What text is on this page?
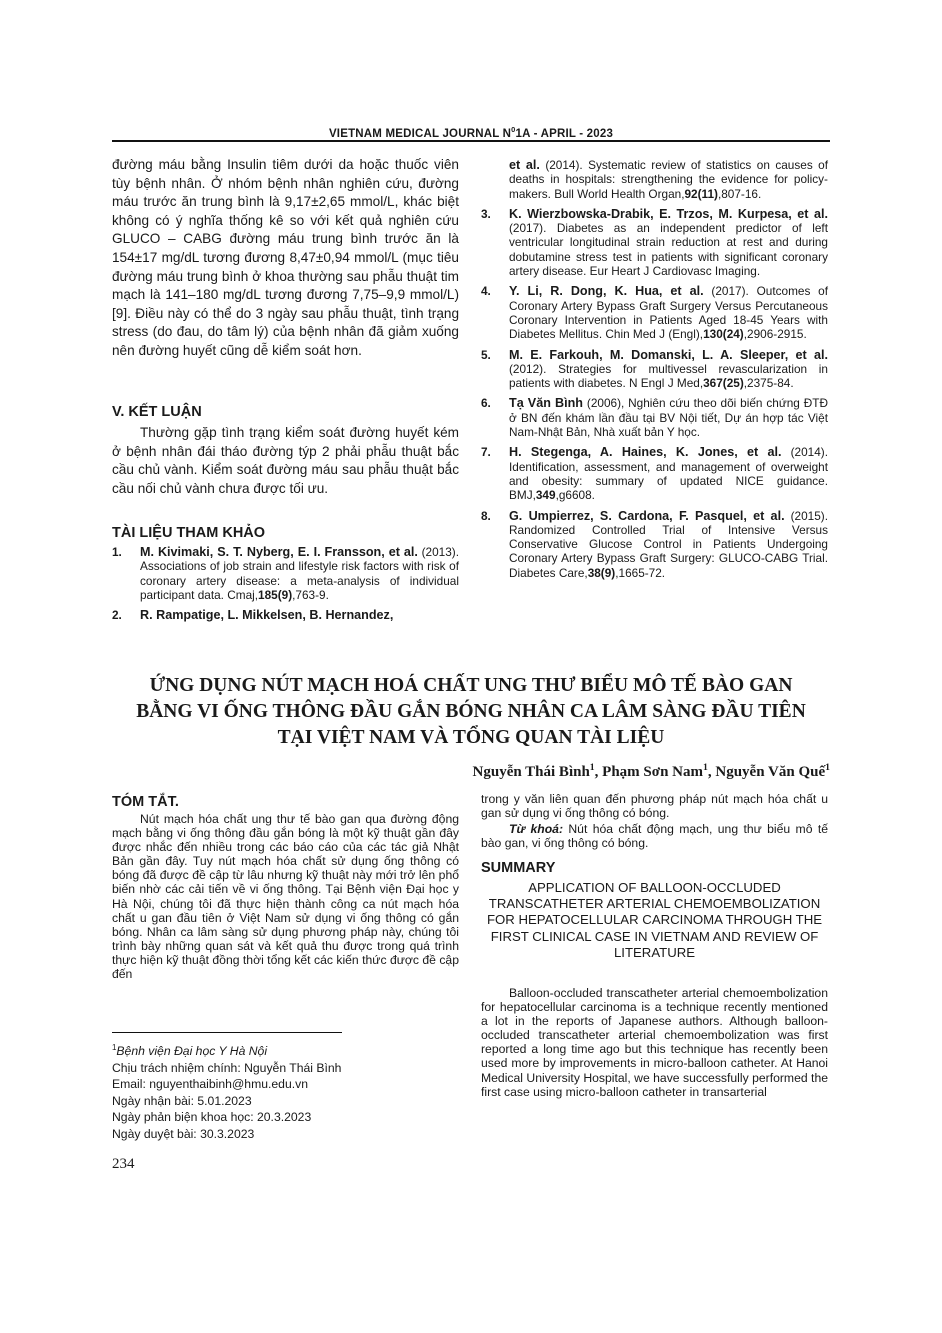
VIETNAM MEDICAL JOURNAL $N^01A$ - APRIL - 2023
đường máu bằng Insulin tiêm dưới da hoặc thuốc viên tùy bệnh nhân. Ở nhóm bệnh nhân nghiên cứu, đường máu trước ăn trung bình là 9,17±2,65 mmol/L, khác biệt không có ý nghĩa thống kê so với kết quả nghiên cứu GLUCO – CABG đường máu trung bình trước ăn là 154±17 mg/dL tương đương 8,47±0,94 mmol/L (mục tiêu đường máu trung bình ở khoa thường sau phẫu thuật tim mạch là 141–180 mg/dL tương đương 7,75–9,9 mmol/L) [9]. Điều này có thể do 3 ngày sau phẫu thuật, tình trạng stress (do đau, do tâm lý) của bệnh nhân đã giảm xuống nên đường huyết cũng dễ kiểm soát hơn.
V. KẾT LUẬN
Thường gặp tình trạng kiểm soát đường huyết kém ở bệnh nhân đái tháo đường týp 2 phải phẫu thuật bắc cầu chủ vành. Kiểm soát đường máu sau phẫu thuật bắc cầu nối chủ vành chưa được tối ưu.
TÀI LIỆU THAM KHẢO
1. M. Kivimaki, S. T. Nyberg, E. I. Fransson, et al. (2013). Associations of job strain and lifestyle risk factors with risk of coronary artery disease: a meta-analysis of individual participant data. Cmaj,185(9),763-9.
2. R. Rampatige, L. Mikkelsen, B. Hernandez,
et al. (2014). Systematic review of statistics on causes of deaths in hospitals: strengthening the evidence for policy-makers. Bull World Health Organ,92(11),807-16.
3. K. Wierzbowska-Drabik, E. Trzos, M. Kurpesa, et al. (2017). Diabetes as an independent predictor of left ventricular longitudinal strain reduction at rest and during dobutamine stress test in patients with significant coronary artery disease. Eur Heart J Cardiovasc Imaging.
4. Y. Li, R. Dong, K. Hua, et al. (2017). Outcomes of Coronary Artery Bypass Graft Surgery Versus Percutaneous Coronary Intervention in Patients Aged 18-45 Years with Diabetes Mellitus. Chin Med J (Engl),130(24),2906-2915.
5. M. E. Farkouh, M. Domanski, L. A. Sleeper, et al. (2012). Strategies for multivessel revascularization in patients with diabetes. N Engl J Med,367(25),2375-84.
6. Tạ Văn Bình (2006), Nghiên cứu theo dõi biến chứng ĐTĐ ở BN đến khám lần đầu tại BV Nội tiết, Dự án hợp tác Việt Nam-Nhật Bản, Nhà xuất bản Y học.
7. H. Stegenga, A. Haines, K. Jones, et al. (2014). Identification, assessment, and management of overweight and obesity: summary of updated NICE guidance. BMJ,349,g6608.
8. G. Umpierrez, S. Cardona, F. Pasquel, et al. (2015). Randomized Controlled Trial of Intensive Versus Conservative Glucose Control in Patients Undergoing Coronary Artery Bypass Graft Surgery: GLUCO-CABG Trial. Diabetes Care,38(9),1665-72.
ỨNG DỤNG NÚT MẠCH HOÁ CHẤT UNG THƯ BIỂU MÔ TẾ BÀO GAN
BẰNG VI ỐNG THÔNG ĐẦU GẮN BÓNG NHÂN CA LÂM SÀNG ĐẦU TIÊN
TẠI VIỆT NAM VÀ TỔNG QUAN TÀI LIỆU
Nguyễn Thái Bình$^1$, Phạm Sơn Nam$^1$, Nguyễn Văn Quế$^1$
TÓM TẮT.
Nút mạch hóa chất ung thư tế bào gan qua đường động mạch bằng vi ống thông đầu gắn bóng là một kỹ thuật gần đây được nhắc đến nhiều trong các báo cáo của các tác giả Nhật Bản gần đây. Tuy nút mạch hóa chất sử dụng ống thông có bóng đã được đề cập từ lâu nhưng kỹ thuật này mới trở lên phổ biến nhờ các cải tiến về vi ống thông. Tại Bệnh viện Đại học y Hà Nội, chúng tôi đã thực hiện thành công ca nút mạch hóa chất u gan đầu tiên ở Việt Nam sử dụng vi ống thông có gắn bóng. Nhân ca lâm sàng sử dụng phương pháp này, chúng tôi trình bày những quan sát và kết quả thu được trong quá trình thực hiện kỹ thuật đồng thời tổng kết các kiến thức được đề cập đến
trong y văn liên quan đến phương pháp nút mạch hóa chất u gan sử dụng vi ống thông có bóng.
Từ khoá: Nút hóa chất động mạch, ung thư biểu mô tế bào gan, vi ống thông có bóng.
SUMMARY
APPLICATION OF BALLOON-OCCLUDED TRANSCATHETER ARTERIAL CHEMOEMBOLIZATION FOR HEPATOCELLULAR CARCINOMA THROUGH THE FIRST CLINICAL CASE IN VIETNAM AND REVIEW OF LITERATURE
Balloon-occluded transcatheter arterial chemoembolization for hepatocellular carcinoma is a technique recently mentioned a lot in the reports of Japanese authors. Although balloon-occluded transcatheter arterial chemoembolization was first reported a long time ago but this technique has recently been used more by improvements in micro-balloon catheter. At Hanoi Medical University Hospital, we have successfully performed the first case using micro-balloon catheter in transarterial
$^1$Bệnh viện Đại học Y Hà Nội
Chịu trách nhiệm chính: Nguyễn Thái Bình
Email: nguyenthaibinh@hmu.edu.vn
Ngày nhận bài: 5.01.2023
Ngày phản biện khoa học: 20.3.2023
Ngày duyệt bài: 30.3.2023
234
